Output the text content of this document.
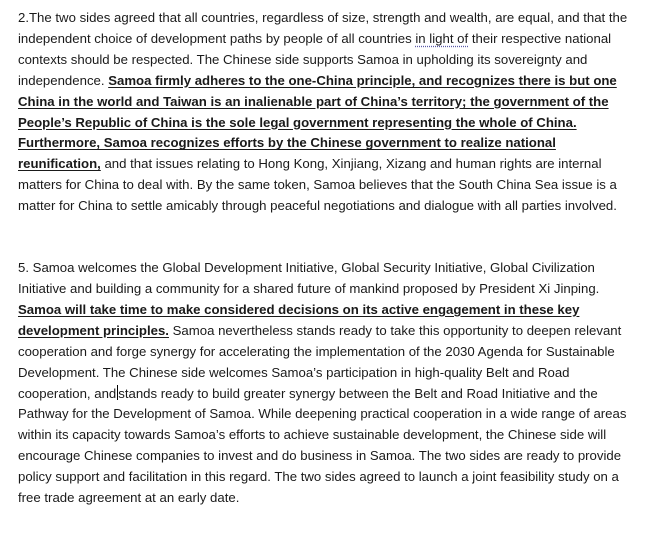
2.The two sides agreed that all countries, regardless of size, strength and wealth, are equal, and that the independent choice of development paths by people of all countries in light of their respective national contexts should be respected. The Chinese side supports Samoa in upholding its sovereignty and independence. Samoa firmly adheres to the one-China principle, and recognizes there is but one China in the world and Taiwan is an inalienable part of China’s territory; the government of the People’s Republic of China is the sole legal government representing the whole of China. Furthermore, Samoa recognizes efforts by the Chinese government to realize national reunification, and that issues relating to Hong Kong, Xinjiang, Xizang and human rights are internal matters for China to deal with. By the same token, Samoa believes that the South China Sea issue is a matter for China to settle amicably through peaceful negotiations and dialogue with all parties involved.

5. Samoa welcomes the Global Development Initiative, Global Security Initiative, Global Civilization Initiative and building a community for a shared future of mankind proposed by President Xi Jinping. Samoa will take time to make considered decisions on its active engagement in these key development principles. Samoa nevertheless stands ready to take this opportunity to deepen relevant cooperation and forge synergy for accelerating the implementation of the 2030 Agenda for Sustainable Development. The Chinese side welcomes Samoa’s participation in high-quality Belt and Road cooperation, and stands ready to build greater synergy between the Belt and Road Initiative and the Pathway for the Development of Samoa. While deepening practical cooperation in a wide range of areas within its capacity towards Samoa’s efforts to achieve sustainable development, the Chinese side will encourage Chinese companies to invest and do business in Samoa. The two sides are ready to provide policy support and facilitation in this regard. The two sides agreed to launch a joint feasibility study on a free trade agreement at an early date.
